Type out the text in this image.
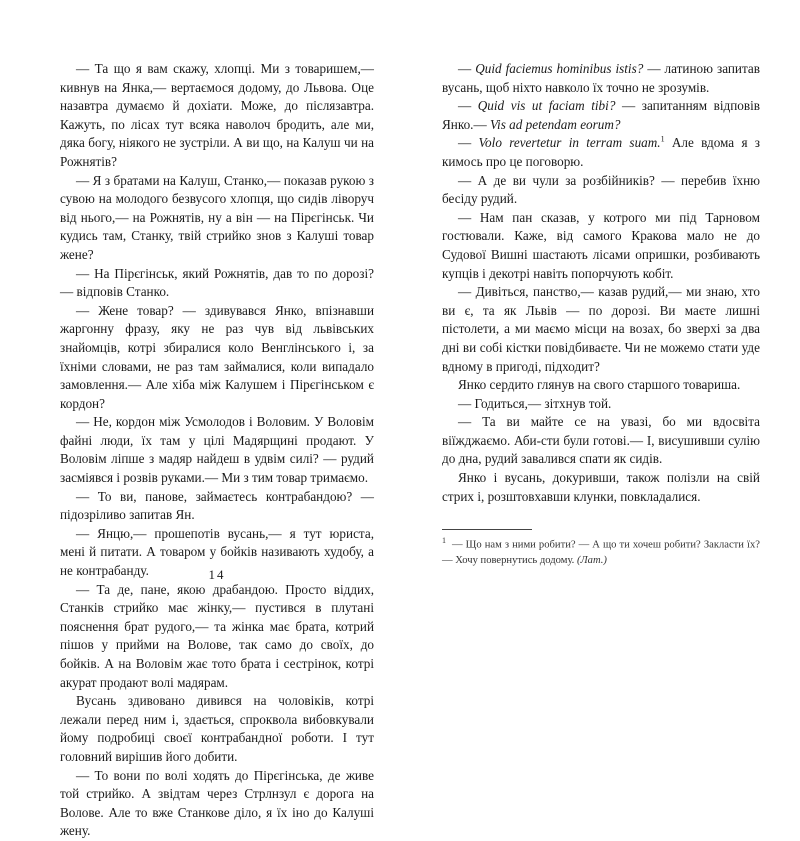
— Та що я вам скажу, хлопці. Ми з товаришем,— кивнув на Янка,— вертаємося додому, до Львова. Оце назавтра думаємо й дохіати. Може, до післязавтра. Кажуть, по лісах тут всяка наволоч бродить, але ми, дяка богу, ніякого не зустріли. А ви що, на Калуш чи на Рожнятів?

— Я з братами на Калуш, Станко,— показав рукою з сувою на молодого безвусого хлопця, що сидів ліворуч від нього,— на Рожнятів, ну а він — на Пірєгінськ. Чи кудись там, Станку, твій стрийко знов з Калуші товар жене?

— На Пірєгінськ, який Рожнятів, дав то по дорозі? — відповів Станко.

— Жене товар? — здивувався Янко, впізнавши жаргонну фразу, яку не раз чув від львівських знайомців, котрі збиралися коло Венглінського і, за їхніми словами, не раз там займалися, коли випадало замовлення.— Але хіба між Калушем і Пірєгінськом є кордон?

— Не, кордон між Усмолодов і Воловим. У Воловім файні люди, їх там у цілі Мадярщині продают. У Воловім ліпше з мадяр найдеш в удвім силі? — рудий засміявся і розвів руками.— Ми з тим товар тримаємо.

— То ви, панове, займаєтесь контрабандою? — підозріливо запитав Ян.

— Янцю,— прошепотів вусань,— я тут юриста, мені й питати. А товаром у бойків називають худобу, а не контрабанду.

— Та де, пане, якою драбандою. Просто віддих, Станків стрийко має жінку,— пустився в плутані пояснення брат рудого,— та жінка має брата, котрий пішов у прийми на Волове, так само до своїх, до бойків. А на Воловім жає тото брата і сестрінок, котрі акурат продают волі мадярам.

Вусань здивовано дивився на чоловіків, котрі лежали перед ним і, здається, спроквола вибовкували йому подробиці своєї контрабандної роботи. І тут головний вирішив його добити.

— То вони по волі ходять до Пірєгінська, де живе той стрийко. А звідтам через Стрлнзул є дорога на Волове. Але то вже Станкове діло, я їх іно до Калуші жену.

14

— Quid faciemus hominibus istis? — латиною запитав вусань, щоб ніхто навколо їх точно не зрозумів.

— Quid vis ut faciam tibi? — запитанням відповів Янко.— Vis ad petendam eorum?

— Volo revertetur in terram suam.$^1$ Але вдома я з кимось про це поговорю.

— А де ви чули за розбійників? — перебив їхню бесіду рудий.

— Нам пан сказав, у котрого ми під Тарновом гостювали. Каже, від самого Кракова мало не до Судової Вишні шастають лісами опришки, розбивають купців і декотрі навіть попорчують кобіт.

— Дивіться, панство,— казав рудий,— ми знаю, хто ви є, та як Львів — по дорозі. Ви маєте лишні пістолети, а ми маємо місци на возах, бо зверхі за два дні ви собі кістки повідбиваєте. Чи не можемо стати уде вдному в пригоді, підходит?

Янко сердито глянув на свого старшого товариша.

— Годиться,— зітхнув той.

— Та ви майте се на увазі, бо ми вдосвіта віїжджаємо. Аби-сти були готові.— І, висушивши сулію до дна, рудий завалився спати як сидів.

Янко і вусань, докуривши, також полізли на свій стрих і, розштовхавши клунки, повкладалися.

$^1$ — Що нам з ними робити? — А що ти хочеш робити? Закласти їх? — Хочу повернутись додому. (Лат.)
